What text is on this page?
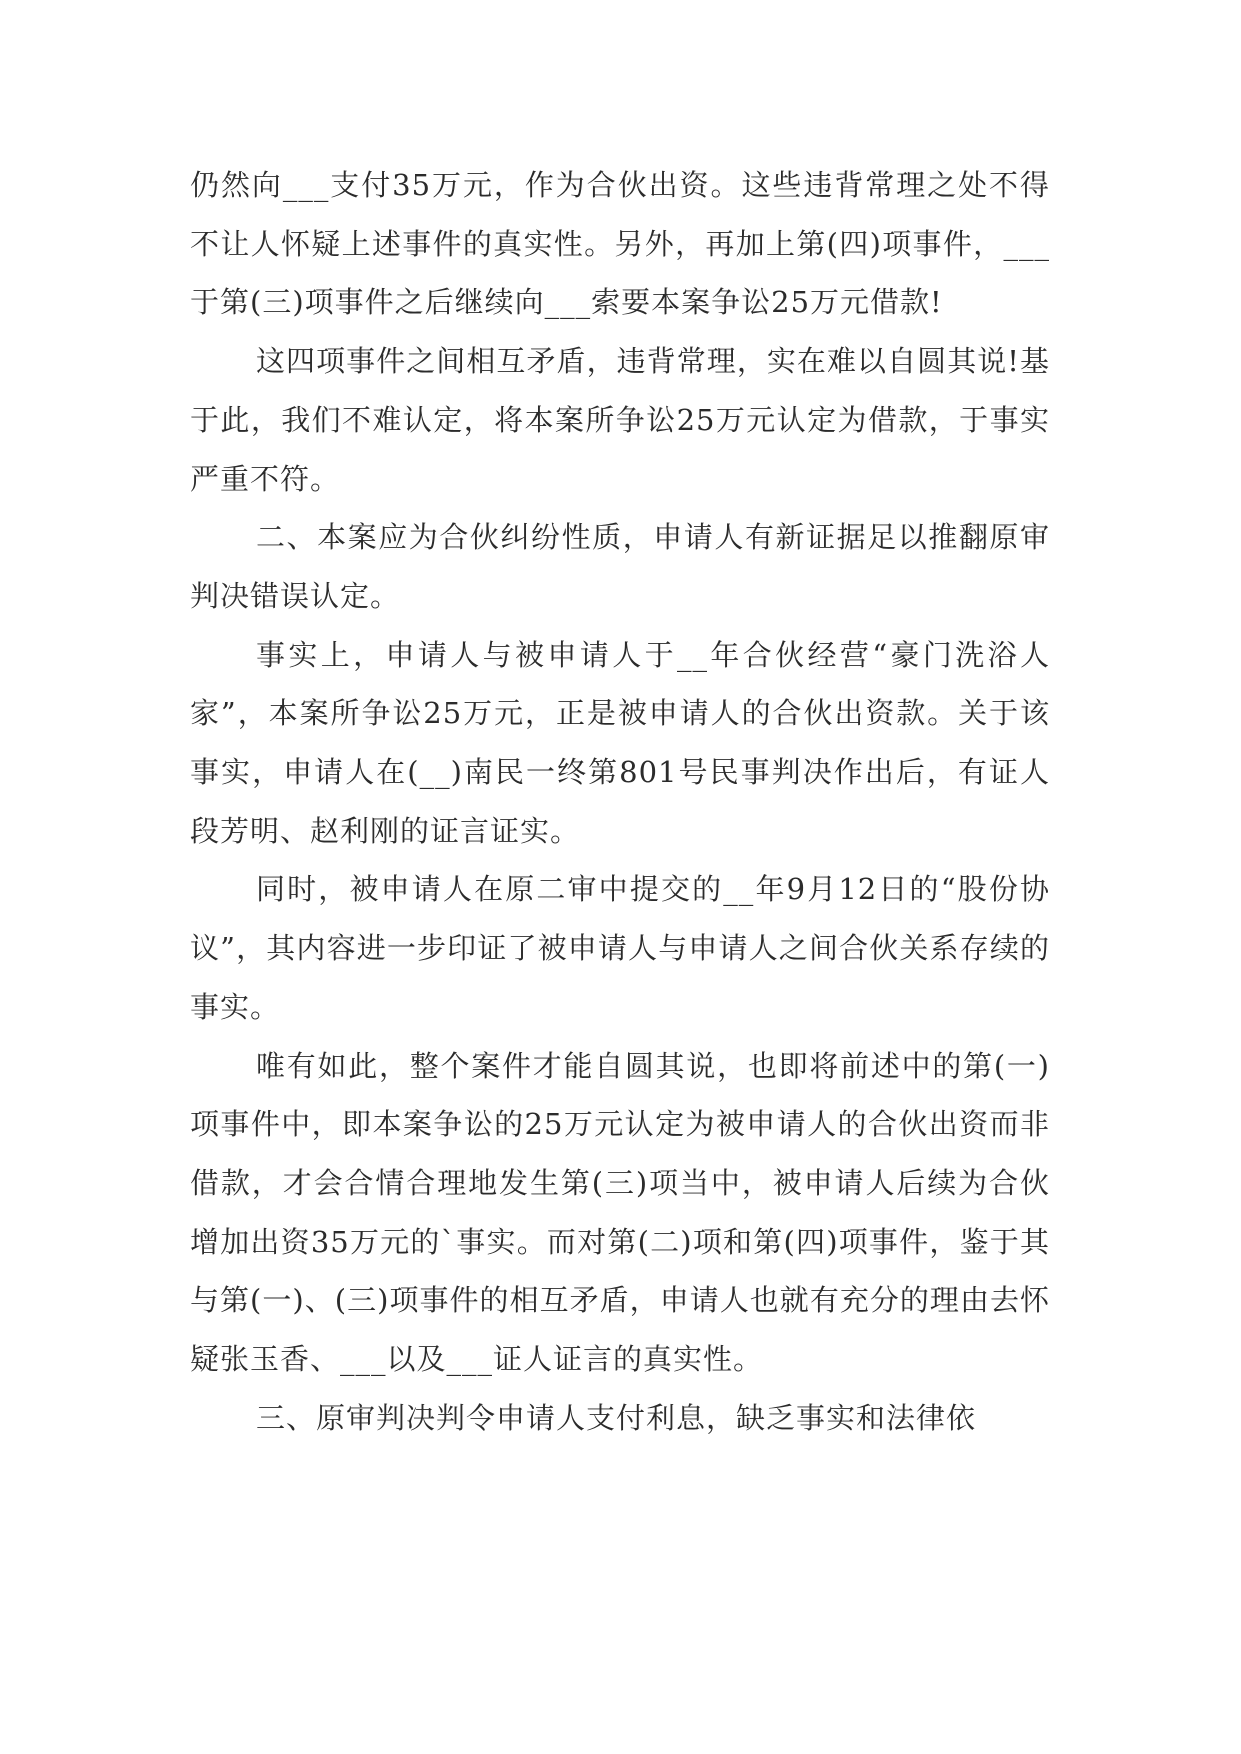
仍然向___支付35万元，作为合伙出资。这些违背常理之处不得不让人怀疑上述事件的真实性。另外，再加上第(四)项事件，___于第(三)项事件之后继续向___索要本案争讼25万元借款!

这四项事件之间相互矛盾，违背常理，实在难以自圆其说!基于此，我们不难认定，将本案所争讼25万元认定为借款，于事实严重不符。

二、本案应为合伙纠纷性质，申请人有新证据足以推翻原审判决错误认定。

事实上，申请人与被申请人于__年合伙经营“豪门洗浴人家”，本案所争讼25万元，正是被申请人的合伙出资款。关于该事实，申请人在(__)南民一终第801号民事判决作出后，有证人段芳明、赵利刚的证言证实。

同时，被申请人在原二审中提交的__年9月12日的“股份协议”，其内容进一步印证了被申请人与申请人之间合伙关系存续的事实。

唯有如此，整个案件才能自圆其说，也即将前述中的第(一)项事件中，即本案争讼的25万元认定为被申请人的合伙出资而非借款，才会合情合理地发生第(三)项当中，被申请人后续为合伙增加出资35万元的`事实。而对第(二)项和第(四)项事件，鉴于其与第(一)、(三)项事件的相互矛盾，申请人也就有充分的理由去怀疑张玉香、___以及___证人证言的真实性。

三、原审判决判令申请人支付利息，缺乏事实和法律依
